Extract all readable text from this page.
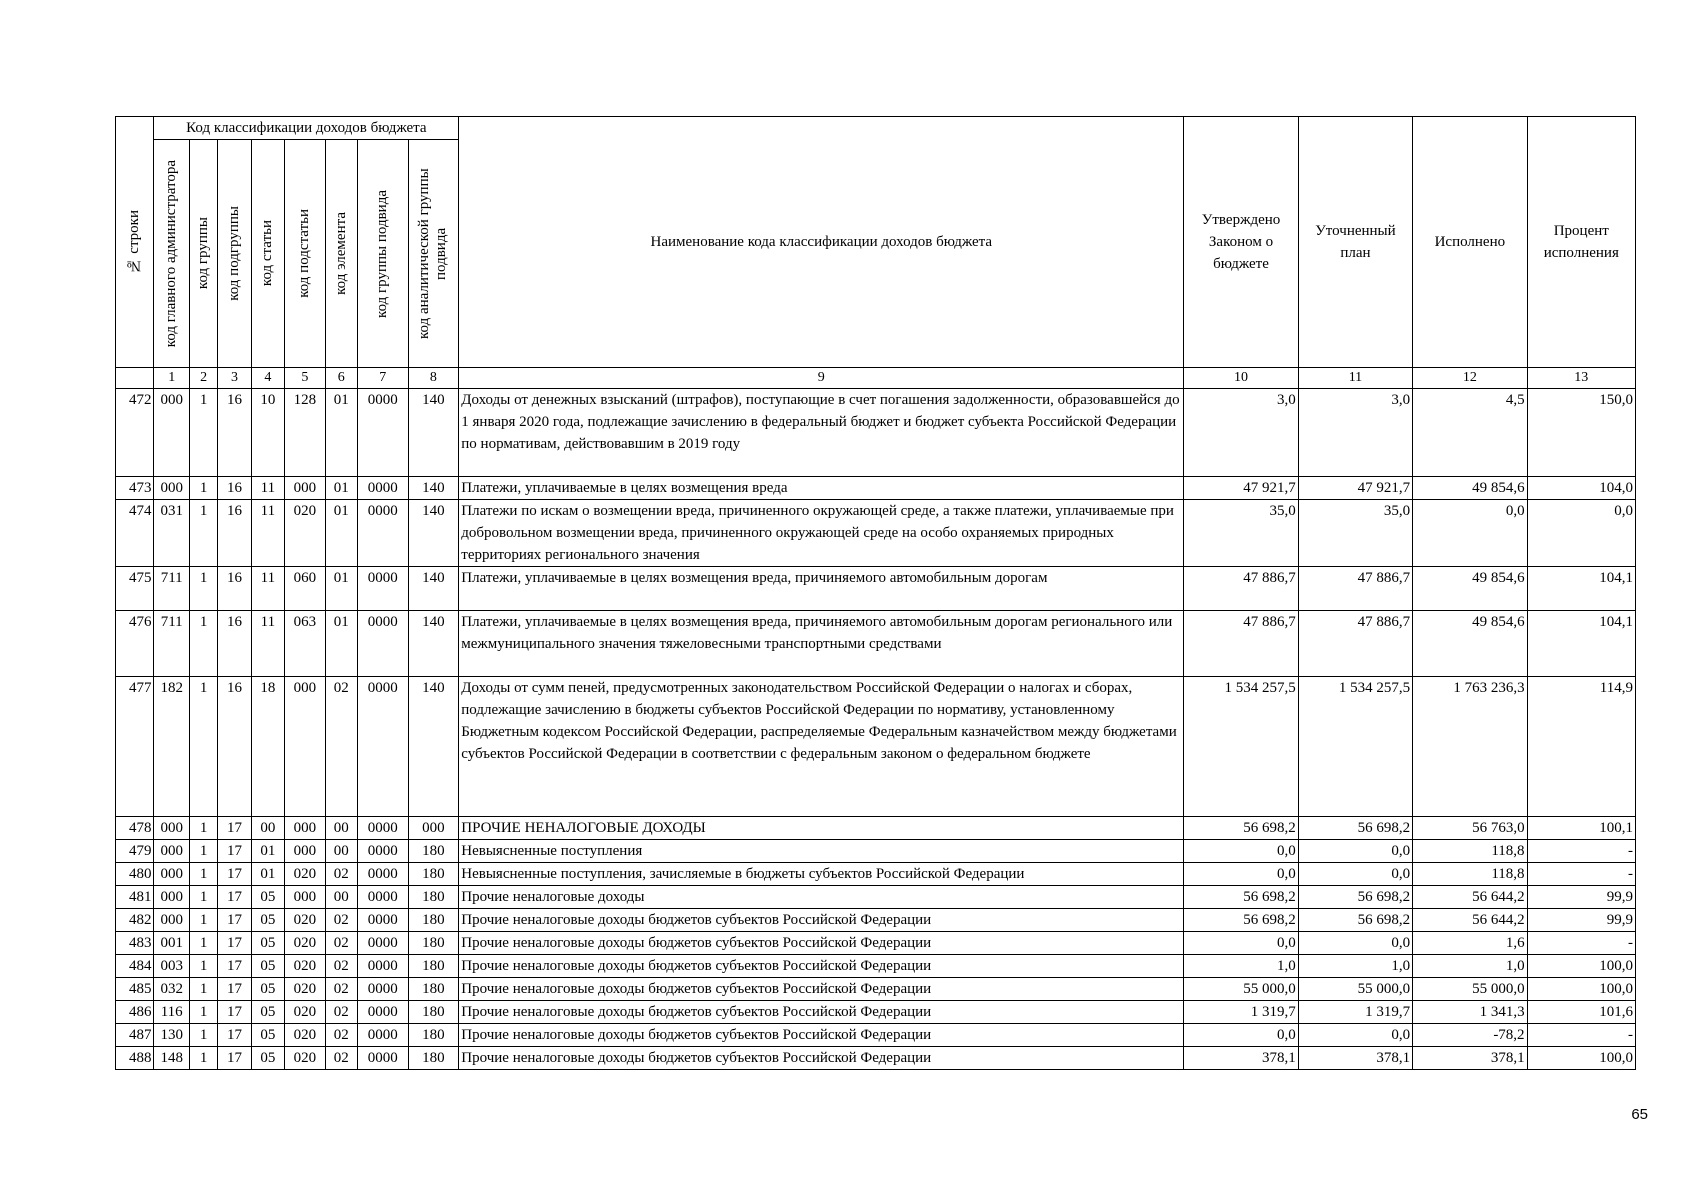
№ строки	Код классификации доходов бюджета								Наименование кода классификации доходов бюджета	Утверждено Законом о бюджете	Уточненный план	Исполнено	Процент исполнения

	код главного администратора	код группы	код подгруппы	код статьи	код подстатьи	код элемента	код группы подвида	код аналитической группы подвида					

	1	2	3	4	5	6	7	8	9	10	11	12	13
472	000	1	16	10	128	01	0000	140	Доходы от денежных взысканий (штрафов), поступающие в счет погашения задолженности, образовавшейся до 1 января 2020 года, подлежащие зачислению в федеральный бюджет и бюджет субъекта Российской Федерации по нормативам, действовавшим в 2019 году	3,0	3,0	4,5	150,0
473	000	1	16	11	000	01	0000	140	Платежи, уплачиваемые в целях возмещения вреда	47 921,7	47 921,7	49 854,6	104,0
474	031	1	16	11	020	01	0000	140	Платежи по искам о возмещении вреда, причиненного окружающей среде, а также платежи, уплачиваемые при добровольном возмещении вреда, причиненного окружающей среде на особо охраняемых природных территориях регионального значения	35,0	35,0	0,0	0,0
475	711	1	16	11	060	01	0000	140	Платежи, уплачиваемые в целях возмещения вреда, причиняемого автомобильным дорогам	47 886,7	47 886,7	49 854,6	104,1
476	711	1	16	11	063	01	0000	140	Платежи, уплачиваемые в целях возмещения вреда, причиняемого автомобильным дорогам регионального или межмуниципального значения тяжеловесными транспортными средствами	47 886,7	47 886,7	49 854,6	104,1
477	182	1	16	18	000	02	0000	140	Доходы от сумм пеней, предусмотренных законодательством Российской Федерации о налогах и сборах, подлежащие зачислению в бюджеты субъектов Российской Федерации по нормативу, установленному Бюджетным кодексом Российской Федерации, распределяемые Федеральным казначейством между бюджетами субъектов Российской Федерации в соответствии с федеральным законом о федеральном бюджете	1 534 257,5	1 534 257,5	1 763 236,3	114,9
478	000	1	17	00	000	00	0000	000	ПРОЧИЕ НЕНАЛОГОВЫЕ ДОХОДЫ	56 698,2	56 698,2	56 763,0	100,1
479	000	1	17	01	000	00	0000	180	Невыясненные поступления	0,0	0,0	118,8	-
480	000	1	17	01	020	02	0000	180	Невыясненные поступления, зачисляемые в бюджеты субъектов Российской Федерации	0,0	0,0	118,8	-
481	000	1	17	05	000	00	0000	180	Прочие неналоговые доходы	56 698,2	56 698,2	56 644,2	99,9
482	000	1	17	05	020	02	0000	180	Прочие неналоговые доходы бюджетов субъектов Российской Федерации	56 698,2	56 698,2	56 644,2	99,9
483	001	1	17	05	020	02	0000	180	Прочие неналоговые доходы бюджетов субъектов Российской Федерации	0,0	0,0	1,6	-
484	003	1	17	05	020	02	0000	180	Прочие неналоговые доходы бюджетов субъектов Российской Федерации	1,0	1,0	1,0	100,0
485	032	1	17	05	020	02	0000	180	Прочие неналоговые доходы бюджетов субъектов Российской Федерации	55 000,0	55 000,0	55 000,0	100,0
486	116	1	17	05	020	02	0000	180	Прочие неналоговые доходы бюджетов субъектов Российской Федерации	1 319,7	1 319,7	1 341,3	101,6
487	130	1	17	05	020	02	0000	180	Прочие неналоговые доходы бюджетов субъектов Российской Федерации	0,0	0,0	-78,2	-
488	148	1	17	05	020	02	0000	180	Прочие неналоговые доходы бюджетов субъектов Российской Федерации	378,1	378,1	378,1	100,0
65
